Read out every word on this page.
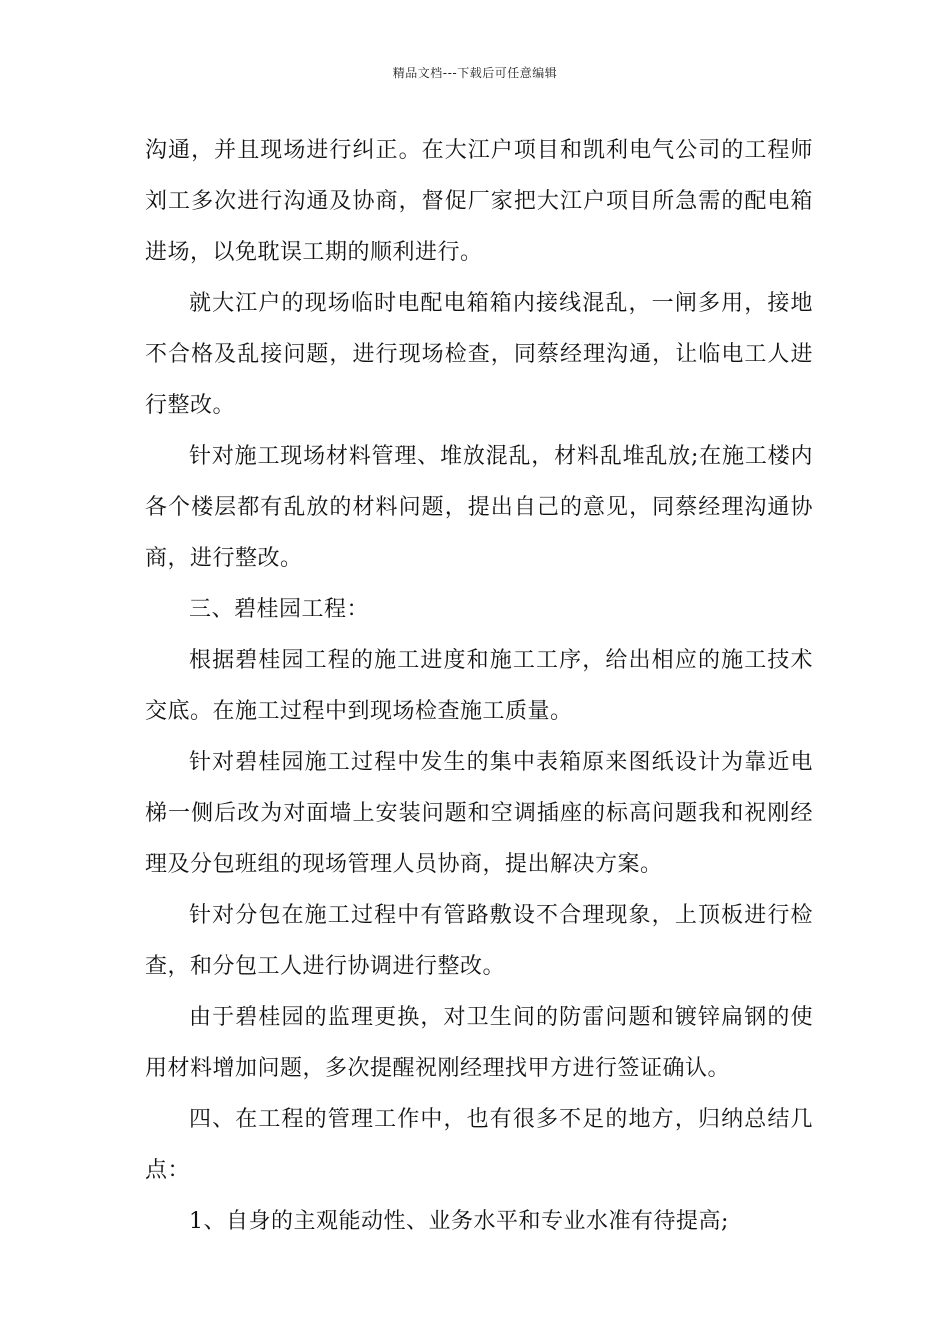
精品文档---下载后可任意编辑

沟通，并且现场进行纠正。在大江户项目和凯利电气公司的工程师刘工多次进行沟通及协商，督促厂家把大江户项目所急需的配电箱进场，以免耽误工期的顺利进行。

就大江户的现场临时电配电箱箱内接线混乱，一闸多用，接地不合格及乱接问题，进行现场检查，同蔡经理沟通，让临电工人进行整改。

针对施工现场材料管理、堆放混乱，材料乱堆乱放;在施工楼内各个楼层都有乱放的材料问题，提出自己的意见，同蔡经理沟通协商，进行整改。

三、碧桂园工程：

根据碧桂园工程的施工进度和施工工序，给出相应的施工技术交底。在施工过程中到现场检查施工质量。

针对碧桂园施工过程中发生的集中表箱原来图纸设计为靠近电梯一侧后改为对面墙上安装问题和空调插座的标高问题我和祝刚经理及分包班组的现场管理人员协商，提出解决方案。

针对分包在施工过程中有管路敷设不合理现象，上顶板进行检查，和分包工人进行协调进行整改。

由于碧桂园的监理更换，对卫生间的防雷问题和镀锌扁钢的使用材料增加问题，多次提醒祝刚经理找甲方进行签证确认。

四、在工程的管理工作中，也有很多不足的地方，归纳总结几点：

1、自身的主观能动性、业务水平和专业水准有待提高;
